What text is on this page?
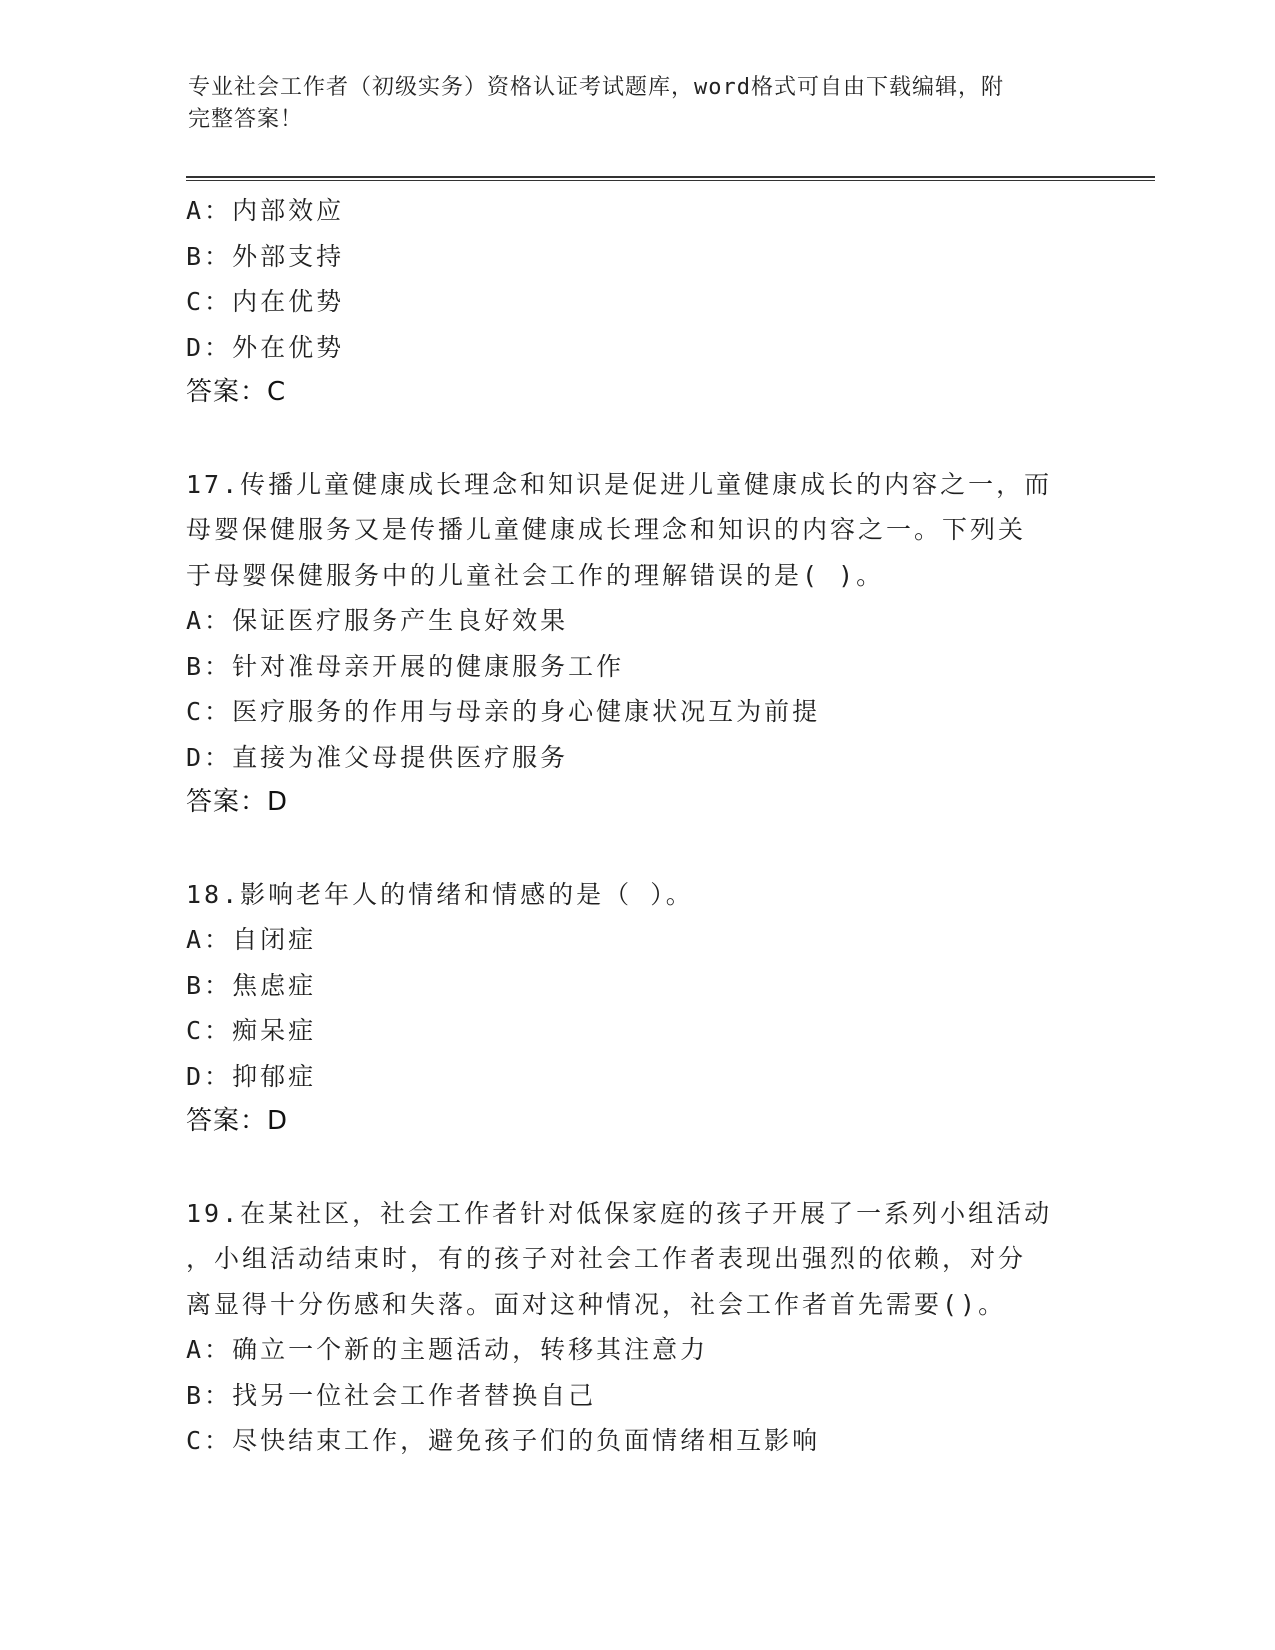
专业社会工作者（初级实务）资格认证考试题库，word格式可自由下载编辑，附
完整答案！
A：内部效应
B：外部支持
C：内在优势
D：外在优势
答案：C
17.传播儿童健康成长理念和知识是促进儿童健康成长的内容之一，而
母婴保健服务又是传播儿童健康成长理念和知识的内容之一。下列关
于母婴保健服务中的儿童社会工作的理解错误的是( )。
A：保证医疗服务产生良好效果
B：针对准母亲开展的健康服务工作
C：医疗服务的作用与母亲的身心健康状况互为前提
D：直接为准父母提供医疗服务
答案：D
18.影响老年人的情绪和情感的是（ ）。
A：自闭症
B：焦虑症
C：痴呆症
D：抑郁症
答案：D
19.在某社区，社会工作者针对低保家庭的孩子开展了一系列小组活动
，小组活动结束时，有的孩子对社会工作者表现出强烈的依赖，对分
离显得十分伤感和失落。面对这种情况，社会工作者首先需要()。
A：确立一个新的主题活动，转移其注意力
B：找另一位社会工作者替换自己
C：尽快结束工作，避免孩子们的负面情绪相互影响
